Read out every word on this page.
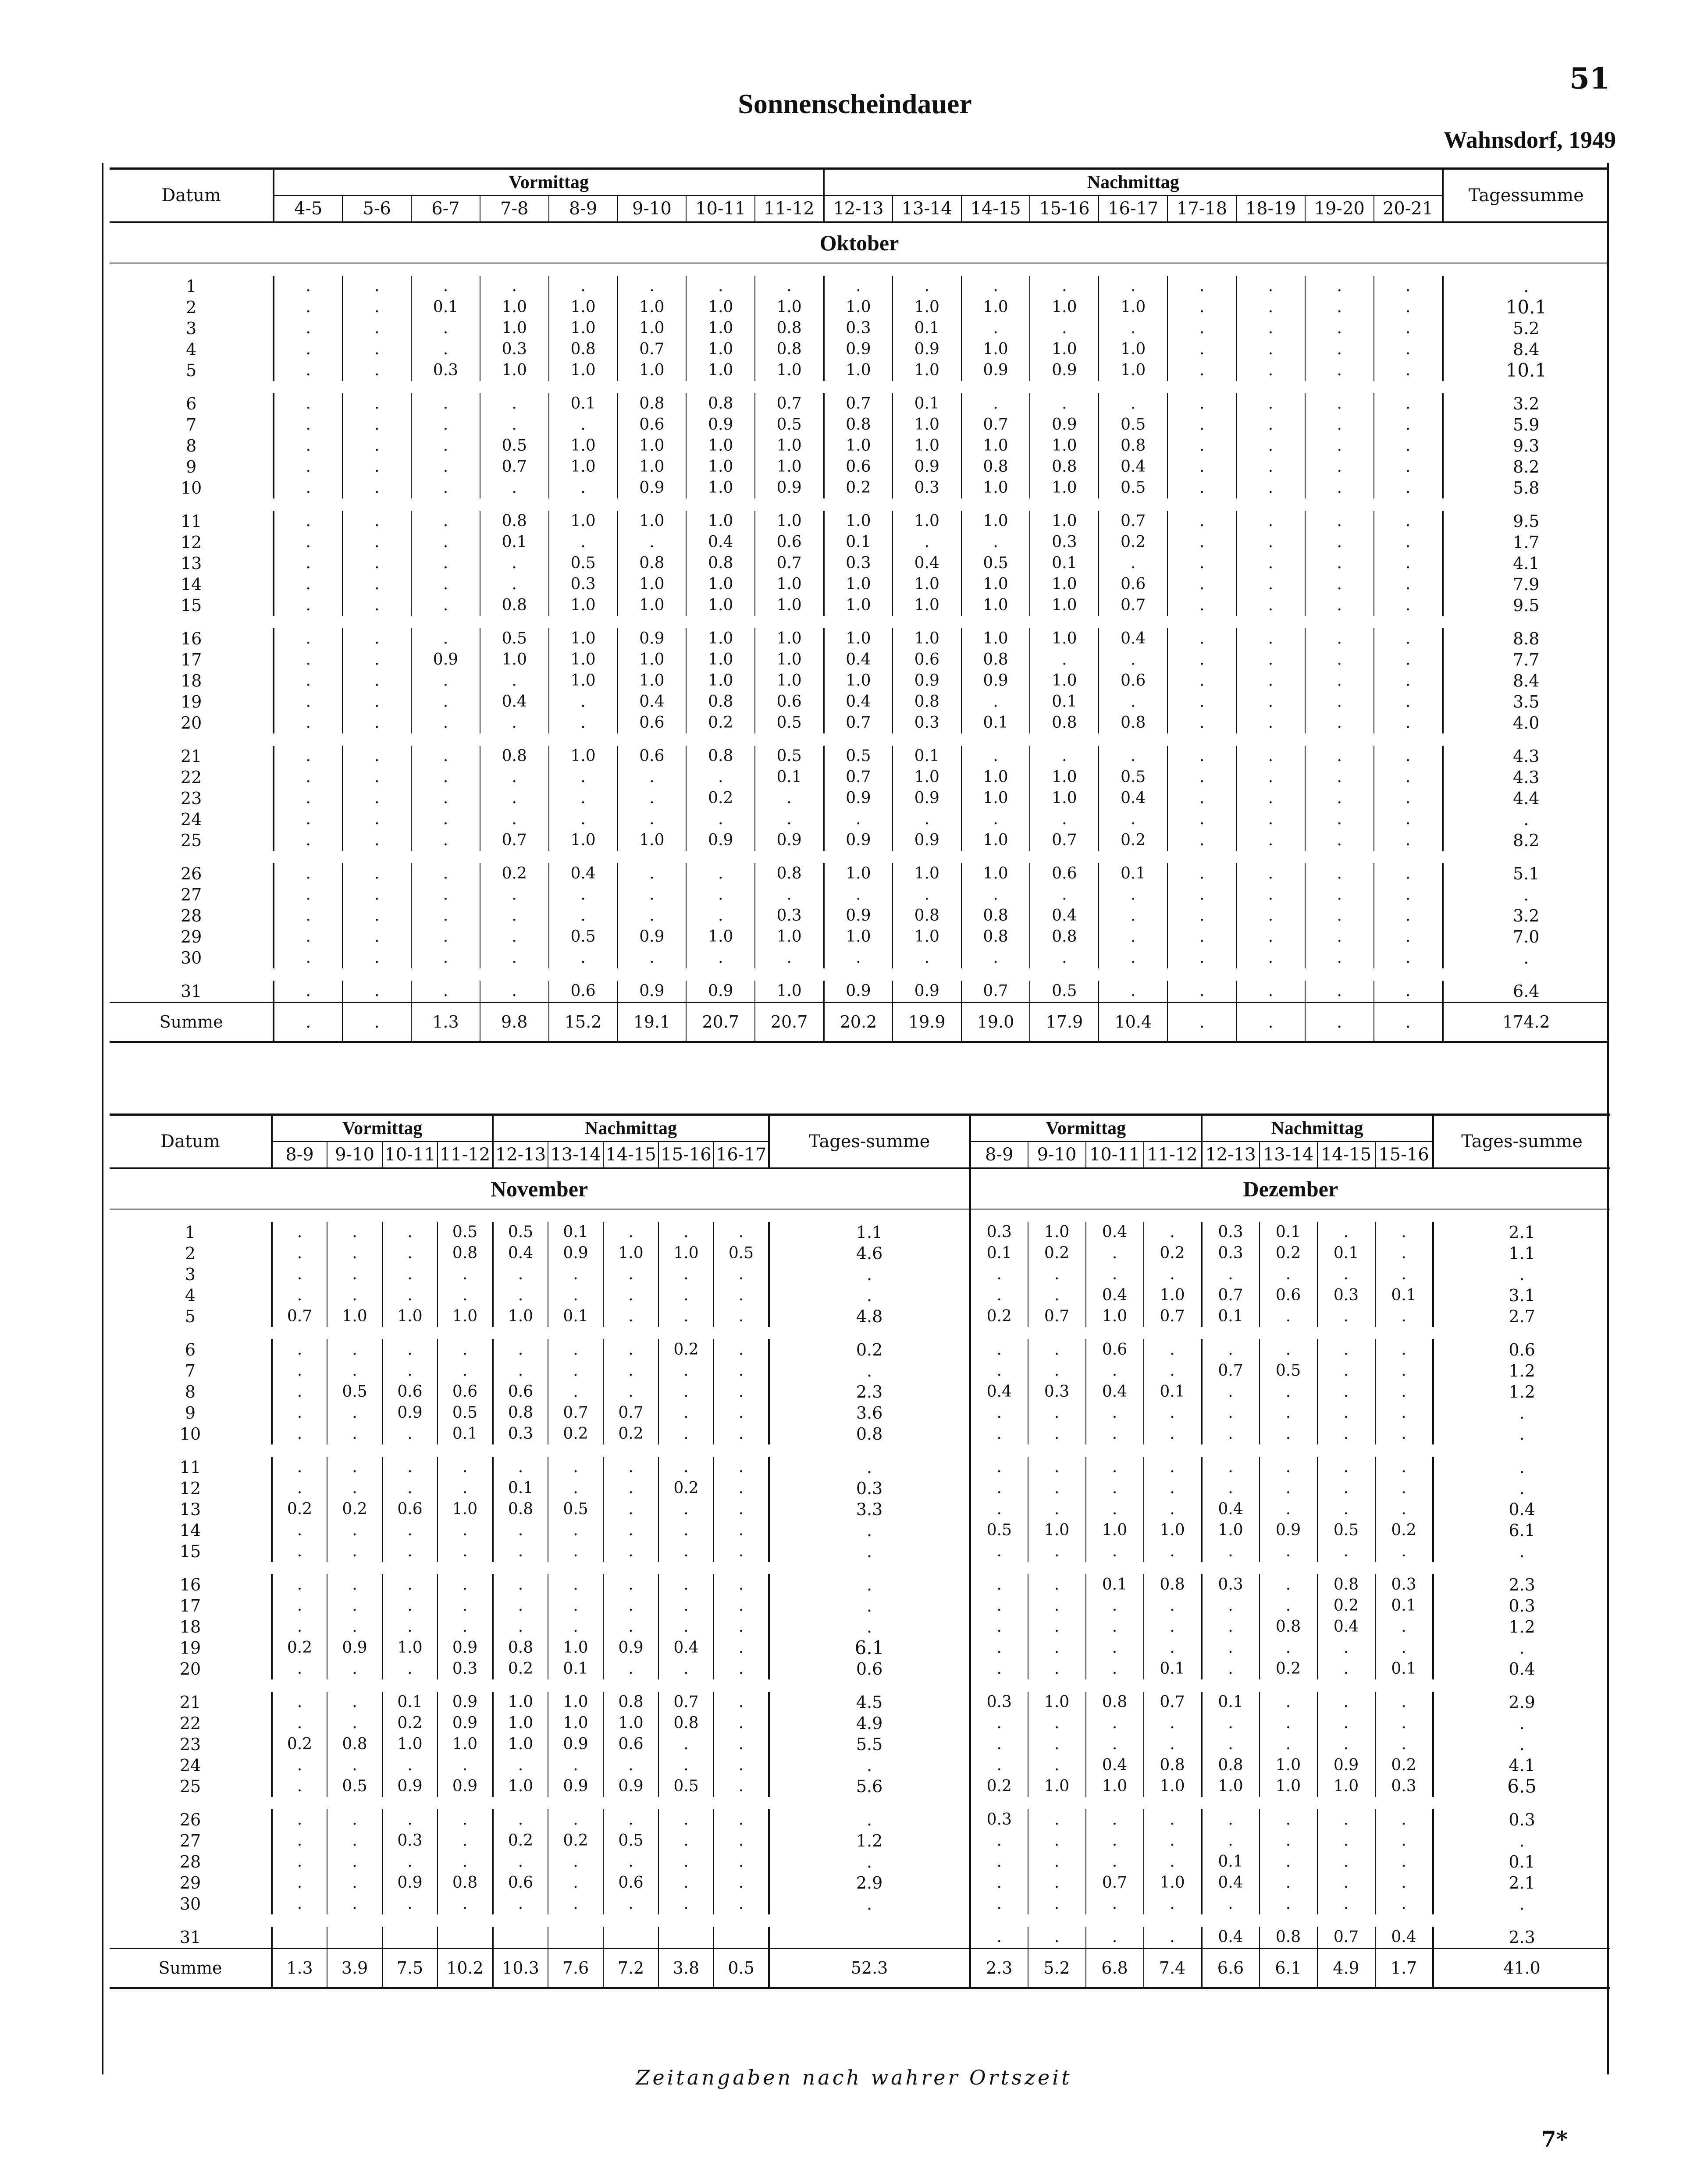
51
Sonnenscheindauer
Wahnsdorf, 1949
Datum	Vormittag								Nachmittag									Tagessumme
	4-5	5-6	6-7	7-8	8-9	9-10	10-11	11-12	12-13	13-14	14-15	15-16	16-17	17-18	18-19	19-20	20-21	
Oktober																		

1	.	.	.	.	.	.	.	.	.	.	.	.	.	.	.	.	.	.
2	.	.	0.1	1.0	1.0	1.0	1.0	1.0	1.0	1.0	1.0	1.0	1.0	.	.	.	.	10.1
3	.	.	.	1.0	1.0	1.0	1.0	0.8	0.3	0.1	.	.	.	.	.	.	.	5.2
4	.	.	.	0.3	0.8	0.7	1.0	0.8	0.9	0.9	1.0	1.0	1.0	.	.	.	.	8.4
5	.	.	0.3	1.0	1.0	1.0	1.0	1.0	1.0	1.0	0.9	0.9	1.0	.	.	.	.	10.1

6	.	.	.	.	0.1	0.8	0.8	0.7	0.7	0.1	.	.	.	.	.	.	.	3.2
7	.	.	.	.	.	0.6	0.9	0.5	0.8	1.0	0.7	0.9	0.5	.	.	.	.	5.9
8	.	.	.	0.5	1.0	1.0	1.0	1.0	1.0	1.0	1.0	1.0	0.8	.	.	.	.	9.3
9	.	.	.	0.7	1.0	1.0	1.0	1.0	0.6	0.9	0.8	0.8	0.4	.	.	.	.	8.2
10	.	.	.	.	.	0.9	1.0	0.9	0.2	0.3	1.0	1.0	0.5	.	.	.	.	5.8

11	.	.	.	0.8	1.0	1.0	1.0	1.0	1.0	1.0	1.0	1.0	0.7	.	.	.	.	9.5
12	.	.	.	0.1	.	.	0.4	0.6	0.1	.	.	0.3	0.2	.	.	.	.	1.7
13	.	.	.	.	0.5	0.8	0.8	0.7	0.3	0.4	0.5	0.1	.	.	.	.	.	4.1
14	.	.	.	.	0.3	1.0	1.0	1.0	1.0	1.0	1.0	1.0	0.6	.	.	.	.	7.9
15	.	.	.	0.8	1.0	1.0	1.0	1.0	1.0	1.0	1.0	1.0	0.7	.	.	.	.	9.5

16	.	.	.	0.5	1.0	0.9	1.0	1.0	1.0	1.0	1.0	1.0	0.4	.	.	.	.	8.8
17	.	.	0.9	1.0	1.0	1.0	1.0	1.0	0.4	0.6	0.8	.	.	.	.	.	.	7.7
18	.	.	.	.	1.0	1.0	1.0	1.0	1.0	0.9	0.9	1.0	0.6	.	.	.	.	8.4
19	.	.	.	0.4	.	0.4	0.8	0.6	0.4	0.8	.	0.1	.	.	.	.	.	3.5
20	.	.	.	.	.	0.6	0.2	0.5	0.7	0.3	0.1	0.8	0.8	.	.	.	.	4.0

21	.	.	.	0.8	1.0	0.6	0.8	0.5	0.5	0.1	.	.	.	.	.	.	.	4.3
22	.	.	.	.	.	.	.	0.1	0.7	1.0	1.0	1.0	0.5	.	.	.	.	4.3
23	.	.	.	.	.	.	0.2	.	0.9	0.9	1.0	1.0	0.4	.	.	.	.	4.4
24	.	.	.	.	.	.	.	.	.	.	.	.	.	.	.	.	.	.
25	.	.	.	0.7	1.0	1.0	0.9	0.9	0.9	0.9	1.0	0.7	0.2	.	.	.	.	8.2

26	.	.	.	0.2	0.4	.	.	0.8	1.0	1.0	1.0	0.6	0.1	.	.	.	.	5.1
27	.	.	.	.	.	.	.	.	.	.	.	.	.	.	.	.	.	.
28	.	.	.	.	.	.	.	0.3	0.9	0.8	0.8	0.4	.	.	.	.	.	3.2
29	.	.	.	.	0.5	0.9	1.0	1.0	1.0	1.0	0.8	0.8	.	.	.	.	.	7.0
30	.	.	.	.	.	.	.	.	.	.	.	.	.	.	.	.	.	.

31	.	.	.	.	0.6	0.9	0.9	1.0	0.9	0.9	0.7	0.5	.	.	.	.	.	6.4
Summe	.	.	1.3	9.8	15.2	19.1	20.7	20.7	20.2	19.9	19.0	17.9	10.4	.	.	.	.	174.2
Datum	Vormittag				Nachmittag					Tages-summe
	8-9	9-10	10-11	11-12	12-13	13-14	14-15	15-16	16-17	
November										

1	.	.	.	0.5	0.5	0.1	.	.	.	1.1
2	.	.	.	0.8	0.4	0.9	1.0	1.0	0.5	4.6
3	.	.	.	.	.	.	.	.	.	.
4	.	.	.	.	.	.	.	.	.	.
5	0.7	1.0	1.0	1.0	1.0	0.1	.	.	.	4.8

6	.	.	.	.	.	.	.	0.2	.	0.2
7	.	.	.	.	.	.	.	.	.	.
8	.	0.5	0.6	0.6	0.6	.	.	.	.	2.3
9	.	.	0.9	0.5	0.8	0.7	0.7	.	.	3.6
10	.	.	.	0.1	0.3	0.2	0.2	.	.	0.8

11	.	.	.	.	.	.	.	.	.	.
12	.	.	.	.	0.1	.	.	0.2	.	0.3
13	0.2	0.2	0.6	1.0	0.8	0.5	.	.	.	3.3
14	.	.	.	.	.	.	.	.	.	.
15	.	.	.	.	.	.	.	.	.	.

16	.	.	.	.	.	.	.	.	.	.
17	.	.	.	.	.	.	.	.	.	.
18	.	.	.	.	.	.	.	.	.	.
19	0.2	0.9	1.0	0.9	0.8	1.0	0.9	0.4	.	6.1
20	.	.	.	0.3	0.2	0.1	.	.	.	0.6

21	.	.	0.1	0.9	1.0	1.0	0.8	0.7	.	4.5
22	.	.	0.2	0.9	1.0	1.0	1.0	0.8	.	4.9
23	0.2	0.8	1.0	1.0	1.0	0.9	0.6	.	.	5.5
24	.	.	.	.	.	.	.	.	.	.
25	.	0.5	0.9	0.9	1.0	0.9	0.9	0.5	.	5.6

26	.	.	.	.	.	.	.	.	.	.
27	.	.	0.3	.	0.2	0.2	0.5	.	.	1.2
28	.	.	.	.	.	.	.	.	.	.
29	.	.	0.9	0.8	0.6	.	0.6	.	.	2.9
30	.	.	.	.	.	.	.	.	.	.

31										
Summe	1.3	3.9	7.5	10.2	10.3	7.6	7.2	3.8	0.5	52.3
Vormittag				Nachmittag				Tages-summe
8-9	9-10	10-11	11-12	12-13	13-14	14-15	15-16	
Dezember								

0.3	1.0	0.4	.	0.3	0.1	.	.	2.1
0.1	0.2	.	0.2	0.3	0.2	0.1	.	1.1
.	.	.	.	.	.	.	.	.
.	.	0.4	1.0	0.7	0.6	0.3	0.1	3.1
0.2	0.7	1.0	0.7	0.1	.	.	.	2.7

.	.	0.6	.	.	.	.	.	0.6
.	.	.	.	0.7	0.5	.	.	1.2
0.4	0.3	0.4	0.1	.	.	.	.	1.2
.	.	.	.	.	.	.	.	.
.	.	.	.	.	.	.	.	.

.	.	.	.	.	.	.	.	.
.	.	.	.	.	.	.	.	.
.	.	.	.	0.4	.	.	.	0.4
0.5	1.0	1.0	1.0	1.0	0.9	0.5	0.2	6.1
.	.	.	.	.	.	.	.	.

.	.	0.1	0.8	0.3	.	0.8	0.3	2.3
.	.	.	.	.	.	0.2	0.1	0.3
.	.	.	.	.	0.8	0.4	.	1.2
.	.	.	.	.	.	.	.	.
.	.	.	0.1	.	0.2	.	0.1	0.4

0.3	1.0	0.8	0.7	0.1	.	.	.	2.9
.	.	.	.	.	.	.	.	.
.	.	.	.	.	.	.	.	.
.	.	0.4	0.8	0.8	1.0	0.9	0.2	4.1
0.2	1.0	1.0	1.0	1.0	1.0	1.0	0.3	6.5

0.3	.	.	.	.	.	.	.	0.3
.	.	.	.	.	.	.	.	.
.	.	.	.	0.1	.	.	.	0.1
.	.	0.7	1.0	0.4	.	.	.	2.1
.	.	.	.	.	.	.	.	.

.	.	.	.	0.4	0.8	0.7	0.4	2.3
2.3	5.2	6.8	7.4	6.6	6.1	4.9	1.7	41.0
Zeitangaben nach wahrer Ortszeit
7*
